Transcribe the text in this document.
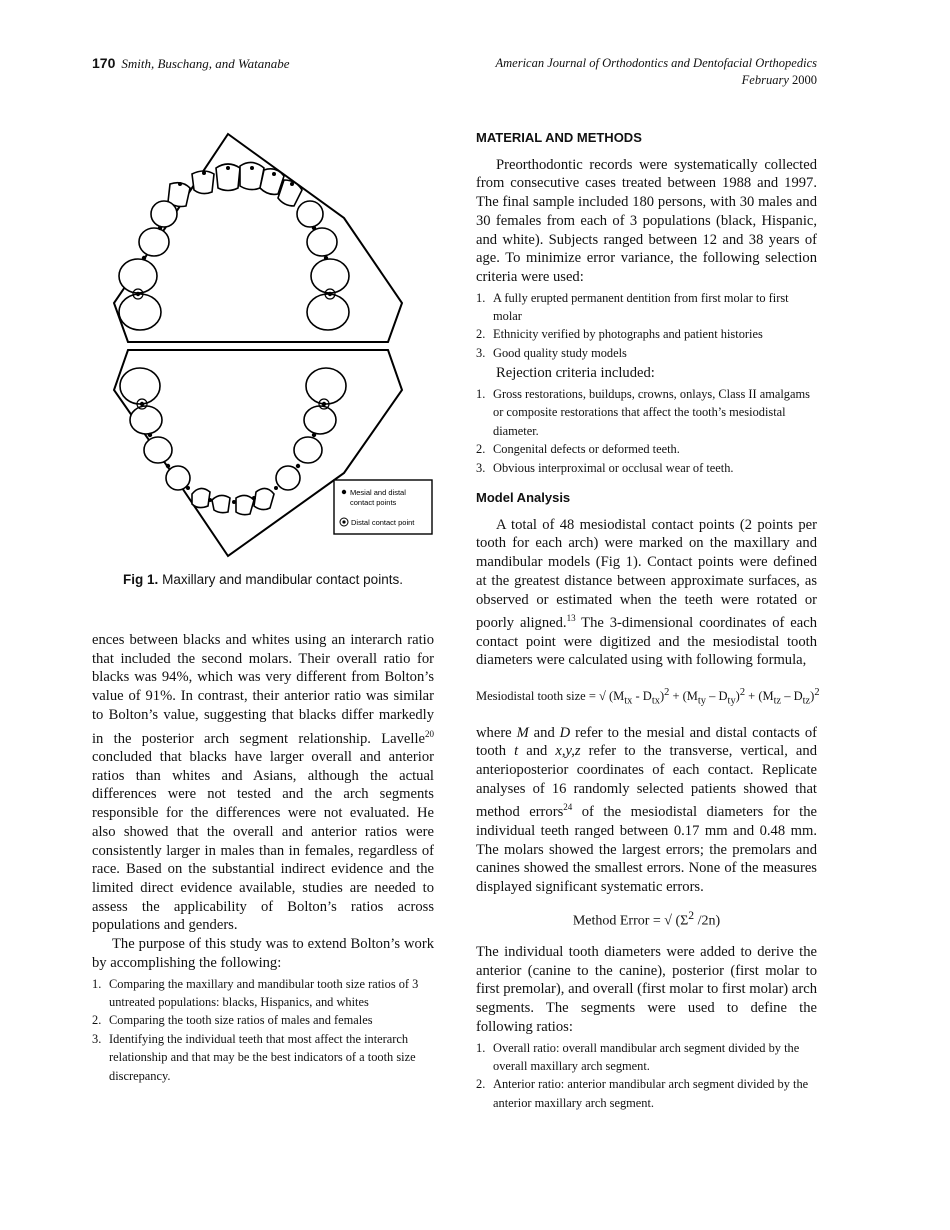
170 Smith, Buschang, and Watanabe	American Journal of Orthodontics and Dentofacial Orthopedics
February 2000
Mesial and distal
contact points
Distal contact point
Fig 1. Maxillary and mandibular contact points.

ences between blacks and whites using an interarch ratio that included the second molars. Their overall ratio for blacks was 94%, which was very different from Bolton’s value of 91%. In contrast, their anterior ratio was similar to Bolton’s value, suggesting that blacks differ markedly in the posterior arch segment relationship. Lavelle$^{20}$ concluded that blacks have larger overall and anterior ratios than whites and Asians, although the actual differences were not tested and the arch segments responsible for the differences were not evaluated. He also showed that the overall and anterior ratios were consistently larger in males than in females, regardless of race. Based on the substantial indirect evidence and the limited direct evidence available, studies are needed to assess the applicability of Bolton’s ratios across populations and genders.

The purpose of this study was to extend Bolton’s work by accomplishing the following:

1. Comparing the maxillary and mandibular tooth size ratios of 3 untreated populations: blacks, Hispanics, and whites
2. Comparing the tooth size ratios of males and females
3. Identifying the individual teeth that most affect the interarch relationship and that may be the best indicators of a tooth size discrepancy.
MATERIAL AND METHODS

Preorthodontic records were systematically collected from consecutive cases treated between 1988 and 1997. The final sample included 180 persons, with 30 males and 30 females from each of 3 populations (black, Hispanic, and white). Subjects ranged between 12 and 38 years of age. To minimize error variance, the following selection criteria were used:

1. A fully erupted permanent dentition from first molar to first molar
2. Ethnicity verified by photographs and patient histories
3. Good quality study models

Rejection criteria included:

1. Gross restorations, buildups, crowns, onlays, Class II amalgams or composite restorations that affect the tooth’s mesiodistal diameter.
2. Congenital defects or deformed teeth.
3. Obvious interproximal or occlusal wear of teeth.
Model Analysis

A total of 48 mesiodistal contact points (2 points per tooth for each arch) were marked on the maxillary and mandibular models (Fig 1). Contact points were defined at the greatest distance between approximate surfaces, as observed or estimated when the teeth were rotated or poorly aligned.$^{13}$ The 3-dimensional coordinates of each contact point were digitized and the mesiodistal tooth diameters were calculated using with following formula,

Mesiodistal tooth size = √ $(M_{tx} - D_{tx})^2 + (M_{ty} - D_{ty})^2 + (M_{tz} - D_{tz})^2$

where M and D refer to the mesial and distal contacts of tooth t and x,y,z refer to the transverse, vertical, and anterioposterior coordinates of each contact. Replicate analyses of 16 randomly selected patients showed that method errors$^{24}$ of the mesiodistal diameters for the individual teeth ranged between 0.17 mm and 0.48 mm. The molars showed the largest errors; the premolars and canines showed the smallest errors. None of the measures displayed significant systematic errors.

Method Error = √ ($\Sigma^2$ /2n)

The individual tooth diameters were added to derive the anterior (canine to the canine), posterior (first molar to first premolar), and overall (first molar to first molar) arch segments. The segments were used to define the following ratios:

1. Overall ratio: overall mandibular arch segment divided by the overall maxillary arch segment.
2. Anterior ratio: anterior mandibular arch segment divided by the anterior maxillary arch segment.
